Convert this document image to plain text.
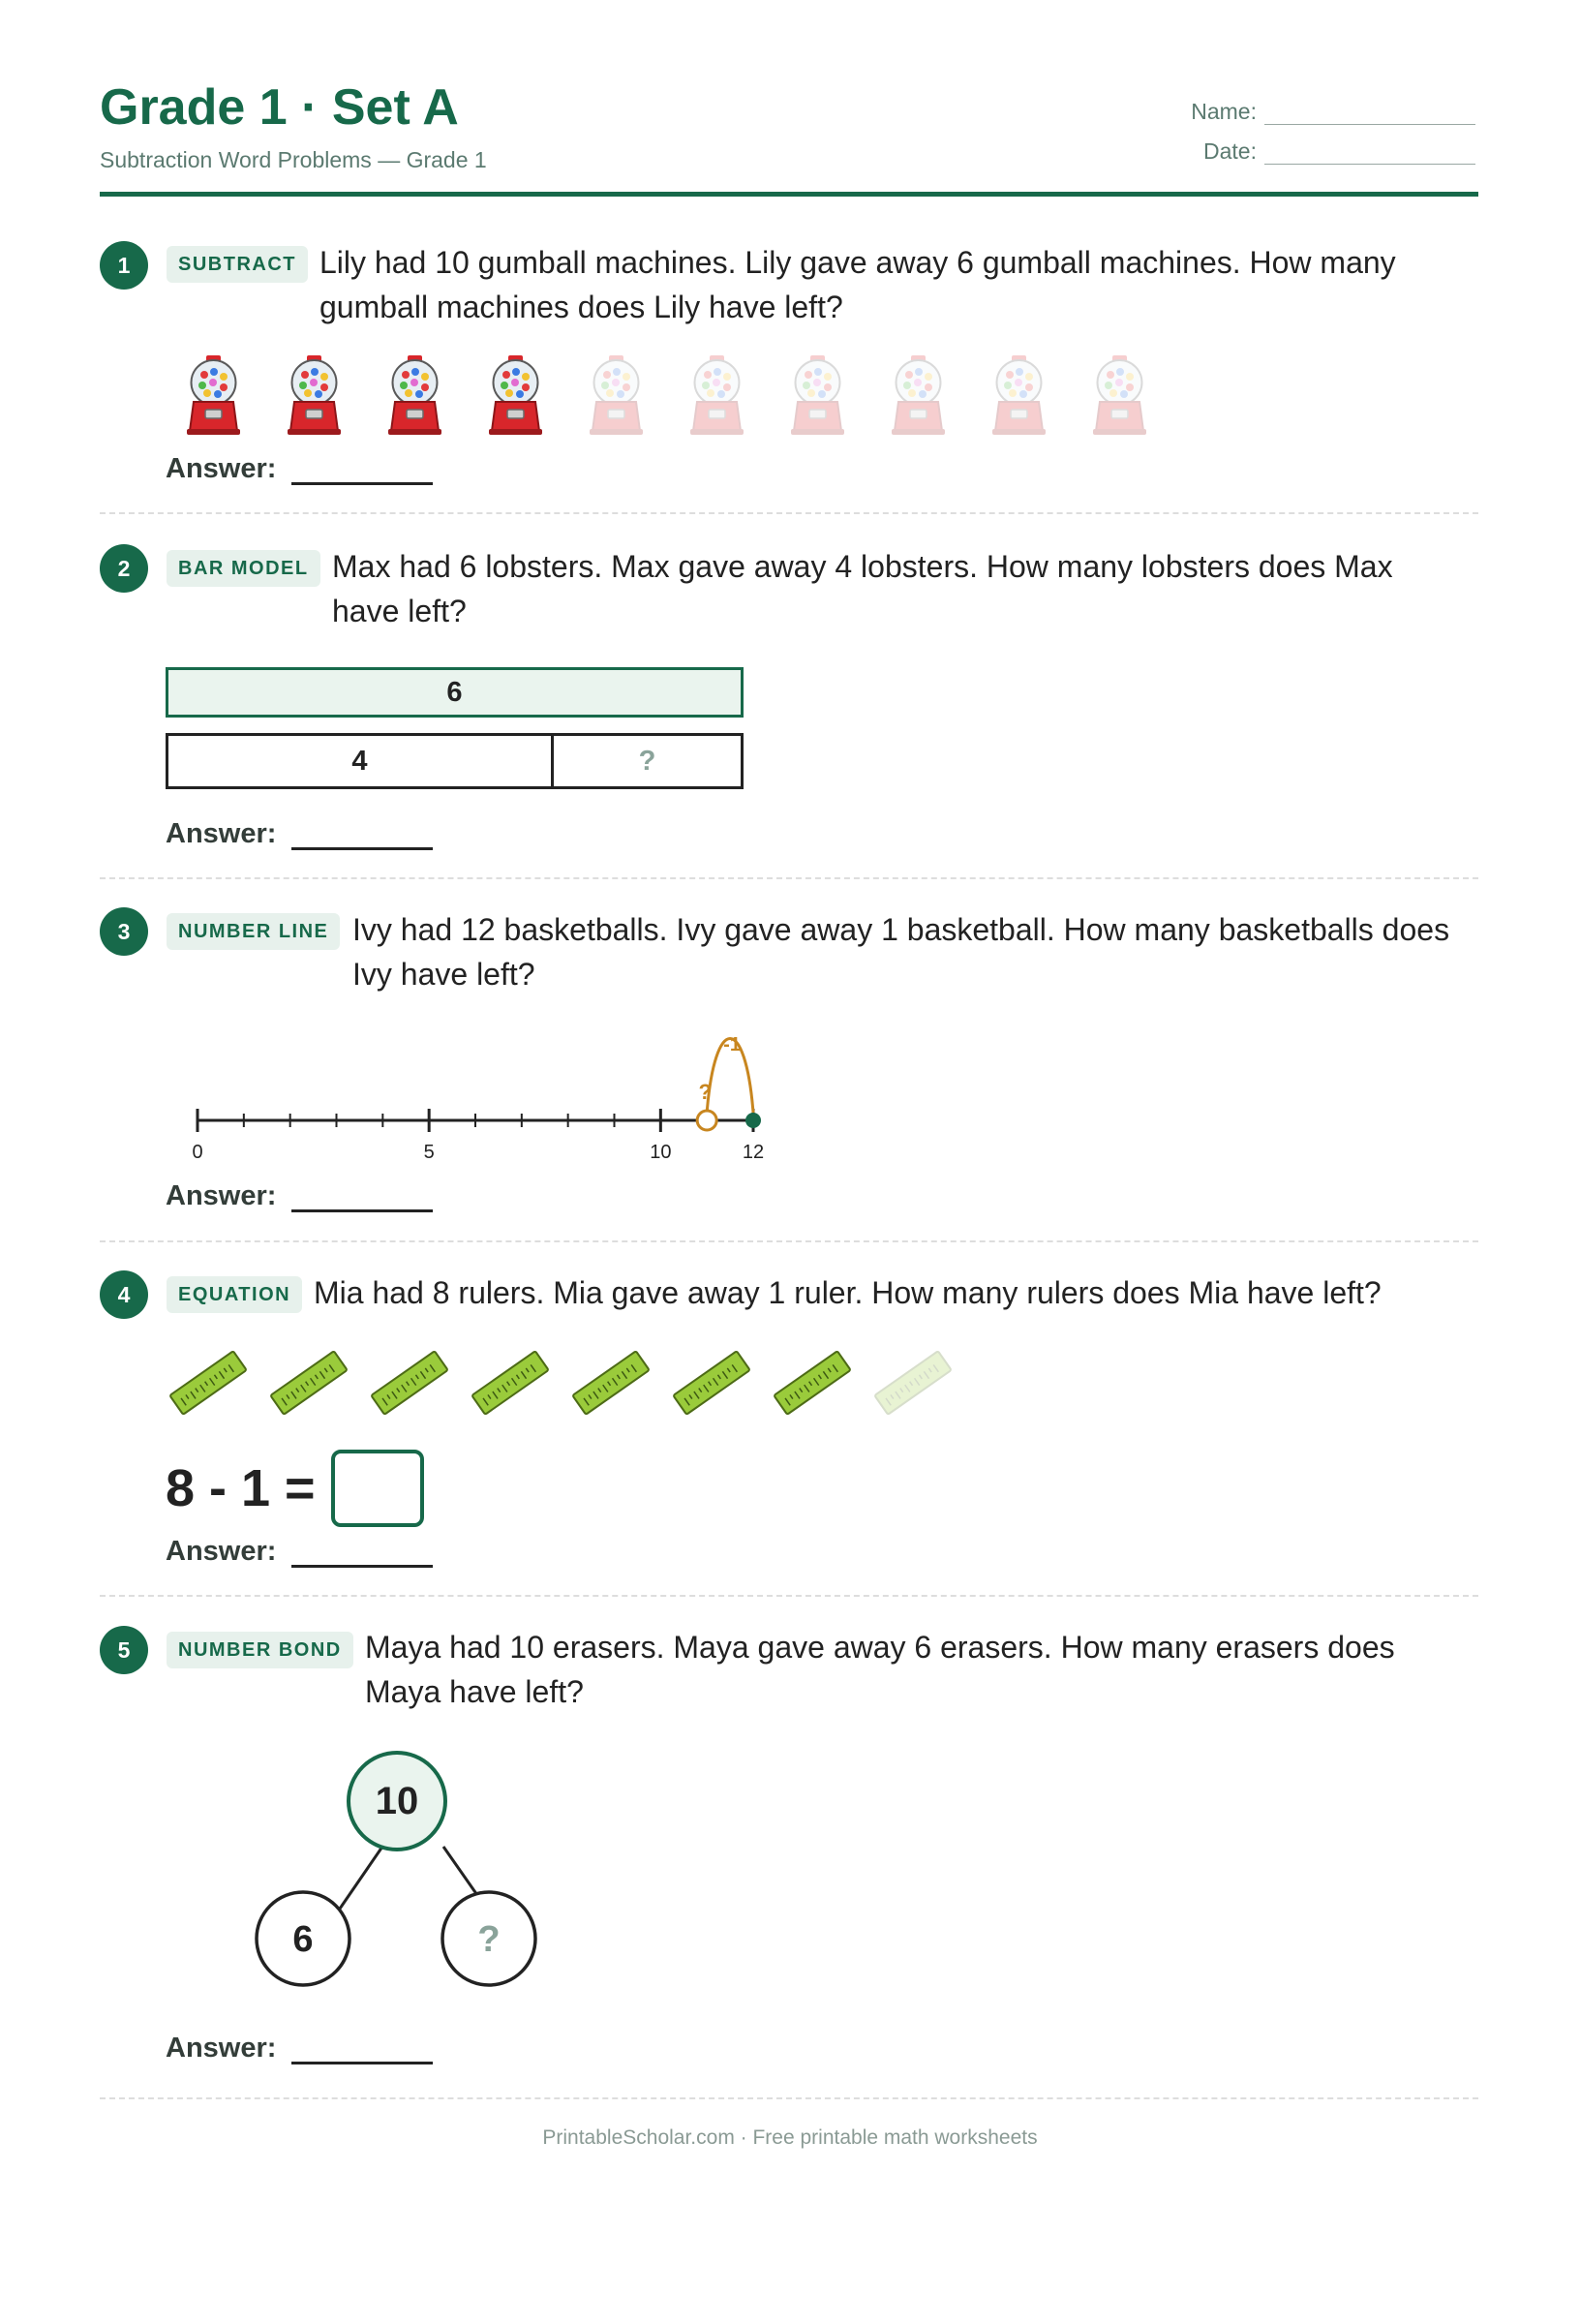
Grade 1 · Set A
Subtraction Word Problems — Grade 1
Name:
Date:
1	SUBTRACT Lily had 10 gumball machines. Lily gave away 6 gumball machines. How many gumball machines does Lily have left?
Answer:
2	BAR MODEL Max had 6 lobsters. Max gave away 4 lobsters. How many lobsters does Max have left?
6
4	?
Answer:
3	NUMBER LINE Ivy had 12 basketballs. Ivy gave away 1 basketball. How many basketballs does Ivy have left?
0	5	10	12
-1
?
Answer:
4	EQUATION Mia had 8 rulers. Mia gave away 1 ruler. How many rulers does Mia have left?
8 - 1 =
Answer:
5	NUMBER BOND Maya had 10 erasers. Maya gave away 6 erasers. How many erasers does Maya have left?
10
6	?
Answer:
PrintableScholar.com · Free printable math worksheets
